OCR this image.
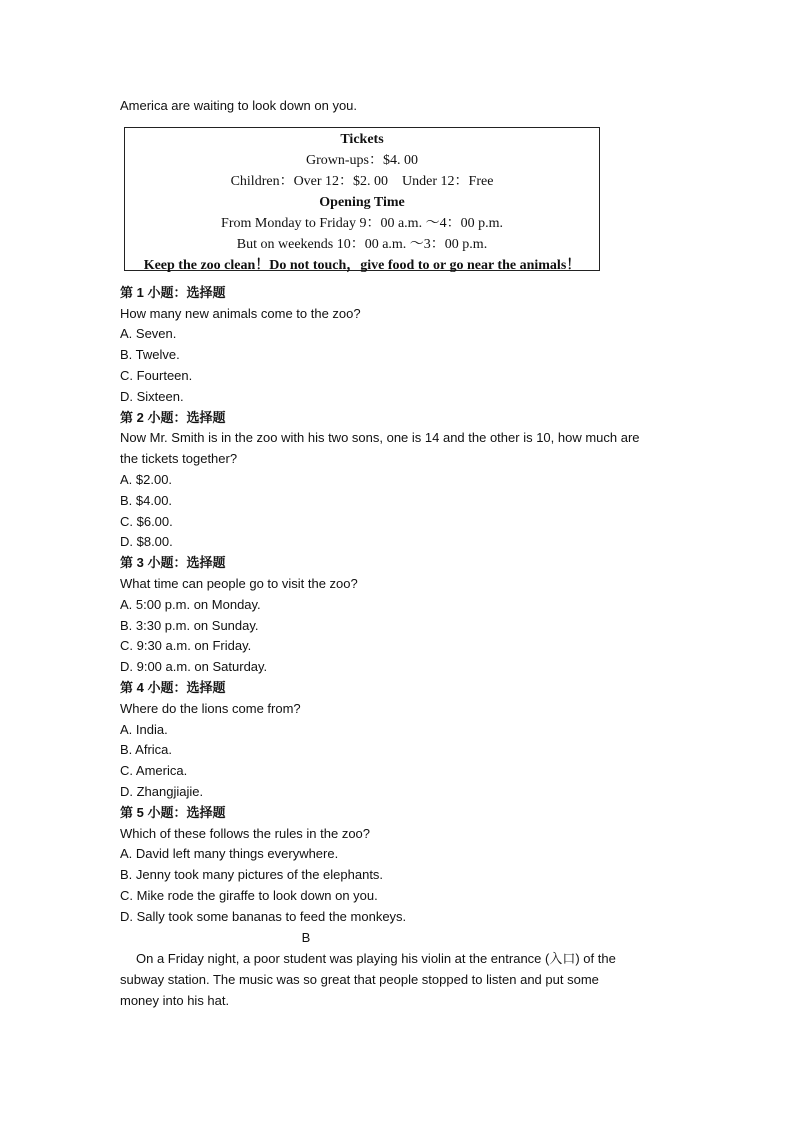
America are waiting to look down on you.
Tickets
Grown-ups：$4. 00
Children：Over 12：$2. 00    Under 12：Free
Opening Time
From Monday to Friday 9：00 a.m. ～4：00 p.m.
But on weekends 10：00 a.m. ～3：00 p.m.
Keep the zoo clean！Do not touch，give food to or go near the animals！
第 1 小题：选择题
How many new animals come to the zoo?
A. Seven.
B. Twelve.
C. Fourteen.
D. Sixteen.
第 2 小题：选择题
Now Mr. Smith is in the zoo with his two sons, one is 14 and the other is 10, how much are
the tickets together?
A. $2.00.
B. $4.00.
C. $6.00.
D. $8.00.
第 3 小题：选择题
What time can people go to visit the zoo?
A. 5:00 p.m. on Monday.
B. 3:30 p.m. on Sunday.
C. 9:30 a.m. on Friday.
D. 9:00 a.m. on Saturday.
第 4 小题：选择题
Where do the lions come from?
A. India.
B. Africa.
C. America.
D. Zhangjiajie.
第 5 小题：选择题
Which of these follows the rules in the zoo?
A. David left many things everywhere.
B. Jenny took many pictures of the elephants.
C. Mike rode the giraffe to look down on you.
D. Sally took some bananas to feed the monkeys.
B
On a Friday night, a poor student was playing his violin at the entrance (入口) of the
subway station. The music was so great that people stopped to listen and put some
money into his hat.
